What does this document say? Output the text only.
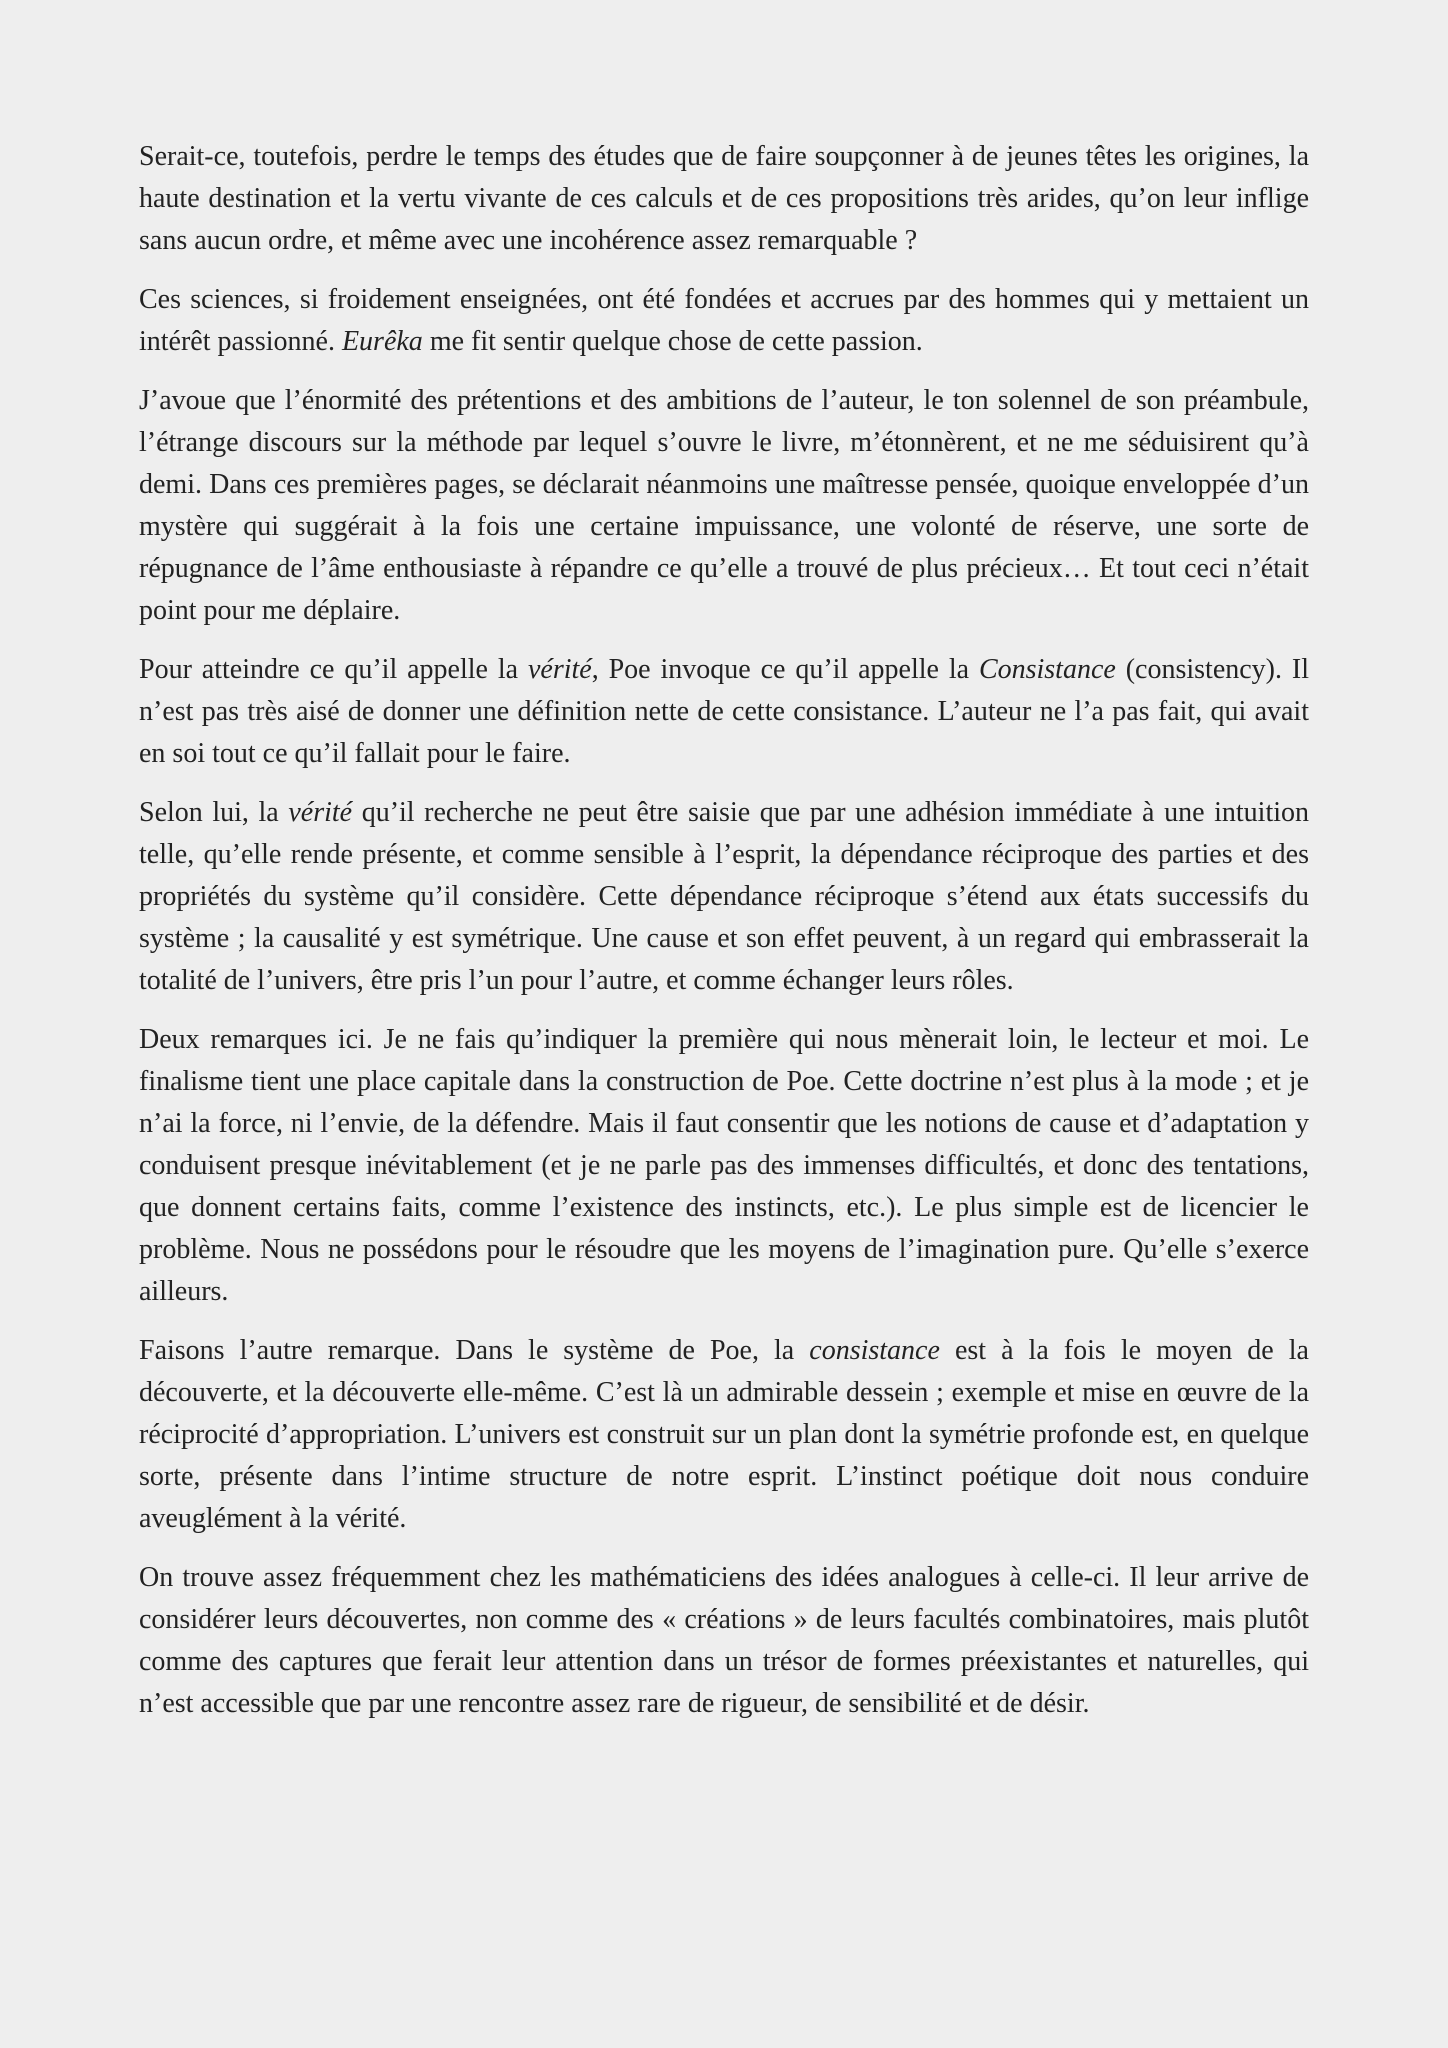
Serait-ce, toutefois, perdre le temps des études que de faire soupçonner à de jeunes têtes les origines, la haute destination et la vertu vivante de ces calculs et de ces propositions très arides, qu’on leur inflige sans aucun ordre, et même avec une incohérence assez remarquable ?

Ces sciences, si froidement enseignées, ont été fondées et accrues par des hommes qui y mettaient un intérêt passionné. Eurêka me fit sentir quelque chose de cette passion.

J’avoue que l’énormité des prétentions et des ambitions de l’auteur, le ton solennel de son préambule, l’étrange discours sur la méthode par lequel s’ouvre le livre, m’étonnèrent, et ne me séduisirent qu’à demi. Dans ces premières pages, se déclarait néanmoins une maîtresse pensée, quoique enveloppée d’un mystère qui suggérait à la fois une certaine impuissance, une volonté de réserve, une sorte de répugnance de l’âme enthousiaste à répandre ce qu’elle a trouvé de plus précieux… Et tout ceci n’était point pour me déplaire.

Pour atteindre ce qu’il appelle la vérité, Poe invoque ce qu’il appelle la Consistance (consistency). Il n’est pas très aisé de donner une définition nette de cette consistance. L’auteur ne l’a pas fait, qui avait en soi tout ce qu’il fallait pour le faire.

Selon lui, la vérité qu’il recherche ne peut être saisie que par une adhésion immédiate à une intuition telle, qu’elle rende présente, et comme sensible à l’esprit, la dépendance réciproque des parties et des propriétés du système qu’il considère. Cette dépendance réciproque s’étend aux états successifs du système ; la causalité y est symétrique. Une cause et son effet peuvent, à un regard qui embrasserait la totalité de l’univers, être pris l’un pour l’autre, et comme échanger leurs rôles.

Deux remarques ici. Je ne fais qu’indiquer la première qui nous mènerait loin, le lecteur et moi. Le finalisme tient une place capitale dans la construction de Poe. Cette doctrine n’est plus à la mode ; et je n’ai la force, ni l’envie, de la défendre. Mais il faut consentir que les notions de cause et d’adaptation y conduisent presque inévitablement (et je ne parle pas des immenses difficultés, et donc des tentations, que donnent certains faits, comme l’existence des instincts, etc.). Le plus simple est de licencier le problème. Nous ne possédons pour le résoudre que les moyens de l’imagination pure. Qu’elle s’exerce ailleurs.

Faisons l’autre remarque. Dans le système de Poe, la consistance est à la fois le moyen de la découverte, et la découverte elle-même. C’est là un admirable dessein ; exemple et mise en œuvre de la réciprocité d’appropriation. L’univers est construit sur un plan dont la symétrie profonde est, en quelque sorte, présente dans l’intime structure de notre esprit. L’instinct poétique doit nous conduire aveuglément à la vérité.

On trouve assez fréquemment chez les mathématiciens des idées analogues à celle-ci. Il leur arrive de considérer leurs découvertes, non comme des « créations » de leurs facultés combinatoires, mais plutôt comme des captures que ferait leur attention dans un trésor de formes préexistantes et naturelles, qui n’est accessible que par une rencontre assez rare de rigueur, de sensibilité et de désir.
